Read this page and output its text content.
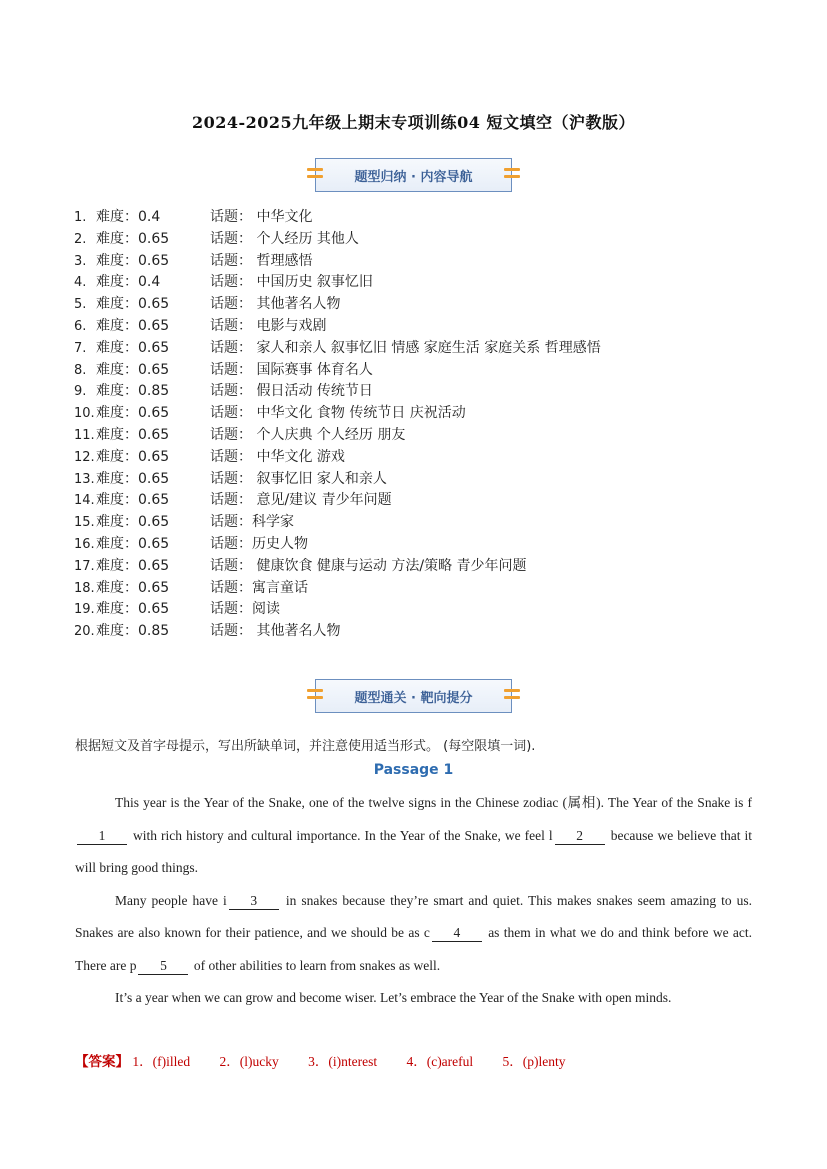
2024-2025九年级上期末专项训练04 短文填空（沪教版）
题型归纳 · 内容导航
1. 难度：0.4	话题： 中华文化
2. 难度：0.65	话题： 个人经历 其他人
3. 难度：0.65	话题： 哲理感悟
4. 难度：0.4	话题： 中国历史 叙事忆旧
5. 难度：0.65	话题： 其他著名人物
6. 难度：0.65	话题： 电影与戏剧
7. 难度：0.65	话题： 家人和亲人 叙事忆旧 情感 家庭生活 家庭关系 哲理感悟
8. 难度：0.65	话题： 国际赛事 体育名人
9. 难度：0.85	话题： 假日活动 传统节日
10. 难度：0.65	话题： 中华文化 食物 传统节日 庆祝活动
11. 难度：0.65	话题： 个人庆典 个人经历 朋友
12. 难度：0.65	话题： 中华文化 游戏
13. 难度：0.65	话题： 叙事忆旧 家人和亲人
14. 难度：0.65	话题： 意见/建议 青少年问题
15. 难度：0.65	话题：科学家
16. 难度：0.65	话题：历史人物
17. 难度：0.65	话题： 健康饮食 健康与运动 方法/策略 青少年问题
18. 难度：0.65	话题：寓言童话
19. 难度：0.65	话题：阅读
20. 难度：0.85	话题： 其他著名人物
题型通关 · 靶向提分
根据短文及首字母提示，写出所缺单词，并注意使用适当形式。 (每空限填一词).
Passage 1

This year is the Year of the Snake, one of the twelve signs in the Chinese zodiac (属相). The Year of the Snake is f1 with rich history and cultural importance. In the Year of the Snake, we feel l 2 because we believe that it will bring good things.

Many people have i 3 in snakes because they’re smart and quiet. This makes snakes seem amazing to us. Snakes are also known for their patience, and we should be as c 4 as them in what we do and think before we act. There are p 5 of other abilities to learn from snakes as well.

It’s a year when we can grow and become wiser. Let’s embrace the Year of the Snake with open minds.

【答案】 1．(f)illed 2．(l)ucky 3．(i)nterest 4．(c)areful 5．(p)lenty
